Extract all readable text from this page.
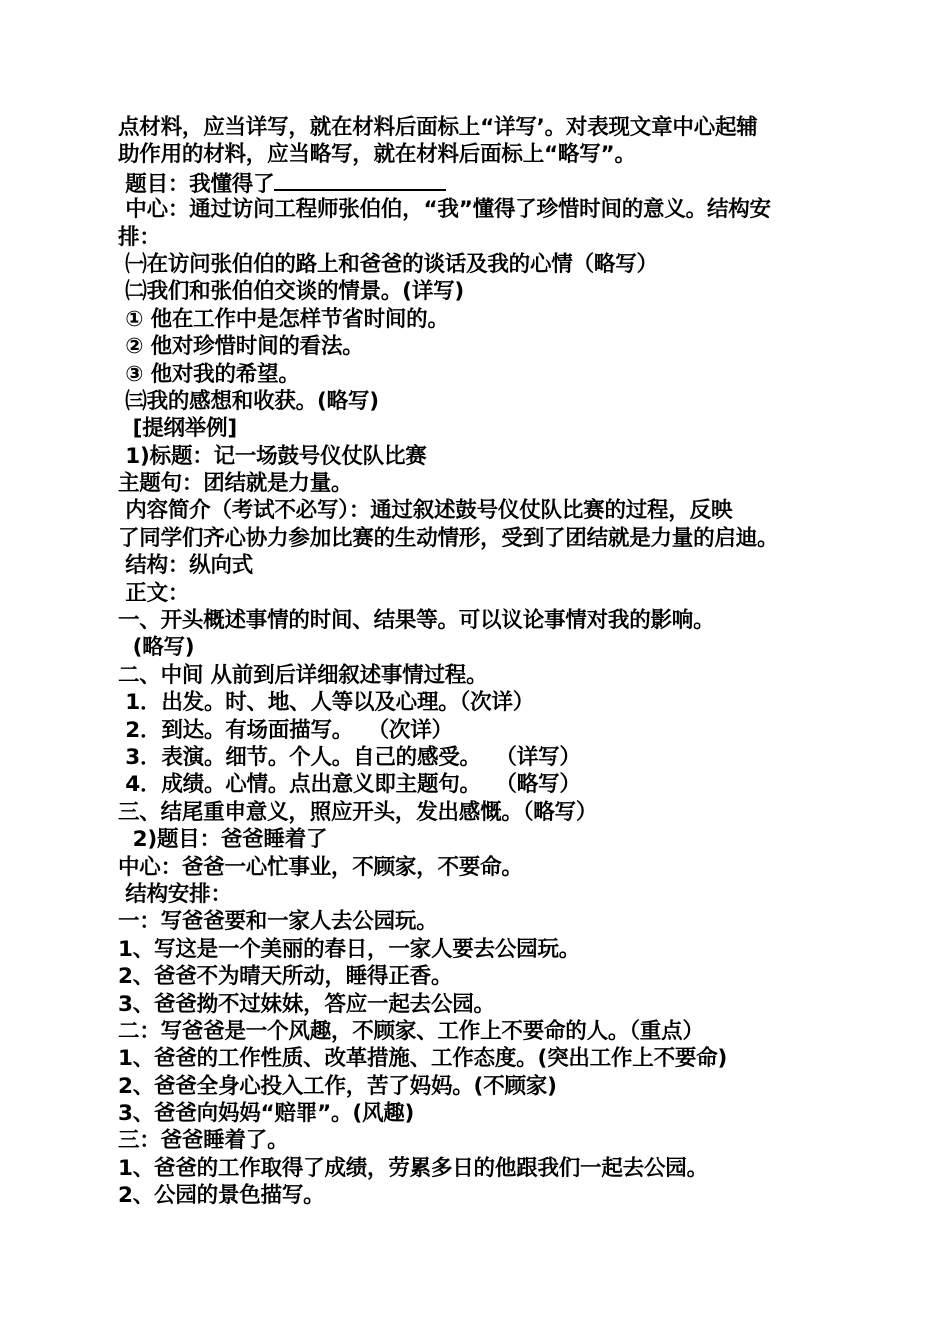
点材料，应当详写，就在材料后面标上“详写’。对表现文章中心起辅
助作用的材料，应当略写，就在材料后面标上“略写”。
题目：我懂得了
中心：通过访问工程师张伯伯，“我”懂得了珍惜时间的意义。结构安
排：
㈠在访问张伯伯的路上和爸爸的谈话及我的心情（略写）
㈡我们和张伯伯交谈的情景。(详写)
① 他在工作中是怎样节省时间的。
② 他对珍惜时间的看法。
③ 他对我的希望。
㈢我的感想和收获。(略写)
[提纲举例]
1)标题：记一场鼓号仪仗队比赛
主题句：团结就是力量。
内容简介（考试不必写）：通过叙述鼓号仪仗队比赛的过程，反映
了同学们齐心协力参加比赛的生动情形，受到了团结就是力量的启迪。
结构：纵向式
正文：
一、开头概述事情的时间、结果等。可以议论事情对我的影响。
(略写)
二、中间 从前到后详细叙述事情过程。
1．出发。时、地、人等以及心理。（次详）
2．到达。有场面描写。  （次详）
3．表演。细节。个人。自己的感受。  （详写）
4．成绩。心情。点出意义即主题句。  （略写）
三、结尾重申意义，照应开头，发出感慨。（略写）
2)题目：爸爸睡着了
中心：爸爸一心忙事业，不顾家，不要命。
结构安排：
一：写爸爸要和一家人去公园玩。
1、写这是一个美丽的春日，一家人要去公园玩。
2、爸爸不为晴天所动，睡得正香。
3、爸爸拗不过妹妹，答应一起去公园。
二：写爸爸是一个风趣，不顾家、工作上不要命的人。（重点）
1、爸爸的工作性质、改革措施、工作态度。(突出工作上不要命)
2、爸爸全身心投入工作，苦了妈妈。(不顾家)
3、爸爸向妈妈“赔罪”。(风趣)
三：爸爸睡着了。
1、爸爸的工作取得了成绩，劳累多日的他跟我们一起去公园。
2、公园的景色描写。
